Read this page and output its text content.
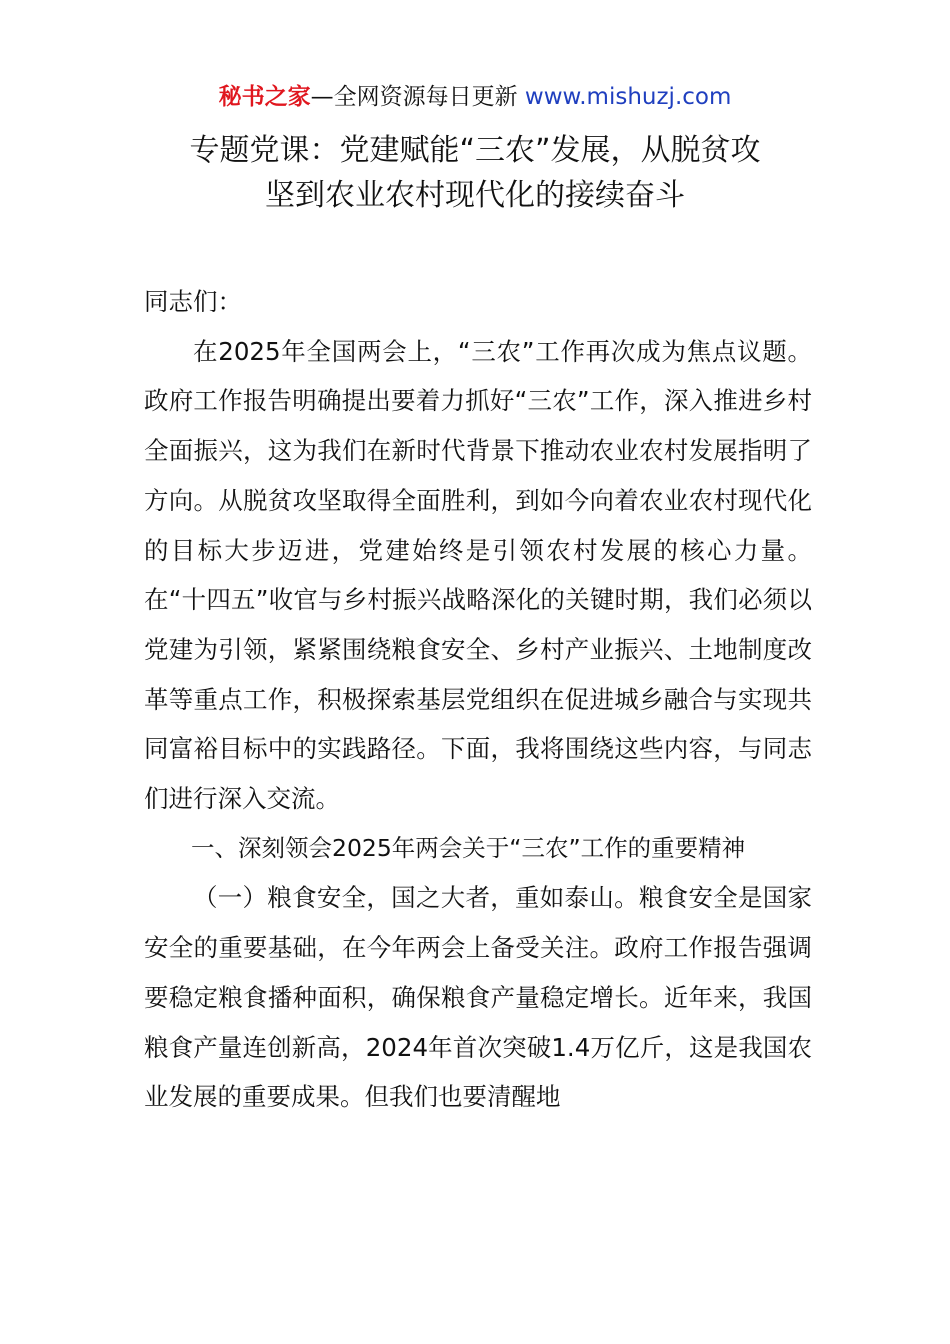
秘书之家—全网资源每日更新 www.mishuzj.com
专题党课：党建赋能“三农”发展，从脱贫攻
坚到农业农村现代化的接续奋斗

同志们：

在2025年全国两会上，“三农”工作再次成为焦点议题。政府工作报告明确提出要着力抓好“三农”工作，深入推进乡村全面振兴，这为我们在新时代背景下推动农业农村发展指明了方向。从脱贫攻坚取得全面胜利，到如今向着农业农村现代化的目标大步迈进，党建始终是引领农村发展的核心力量。在“十四五”收官与乡村振兴战略深化的关键时期，我们必须以党建为引领，紧紧围绕粮食安全、乡村产业振兴、土地制度改革等重点工作，积极探索基层党组织在促进城乡融合与实现共同富裕目标中的实践路径。下面，我将围绕这些内容，与同志们进行深入交流。

一、深刻领会2025年两会关于“三农”工作的重要精神

（一）粮食安全，国之大者，重如泰山。粮食安全是国家安全的重要基础，在今年两会上备受关注。政府工作报告强调要稳定粮食播种面积，确保粮食产量稳定增长。近年来，我国粮食产量连创新高，2024年首次突破1.4万亿斤，这是我国农业发展的重要成果。但我们也要清醒地
